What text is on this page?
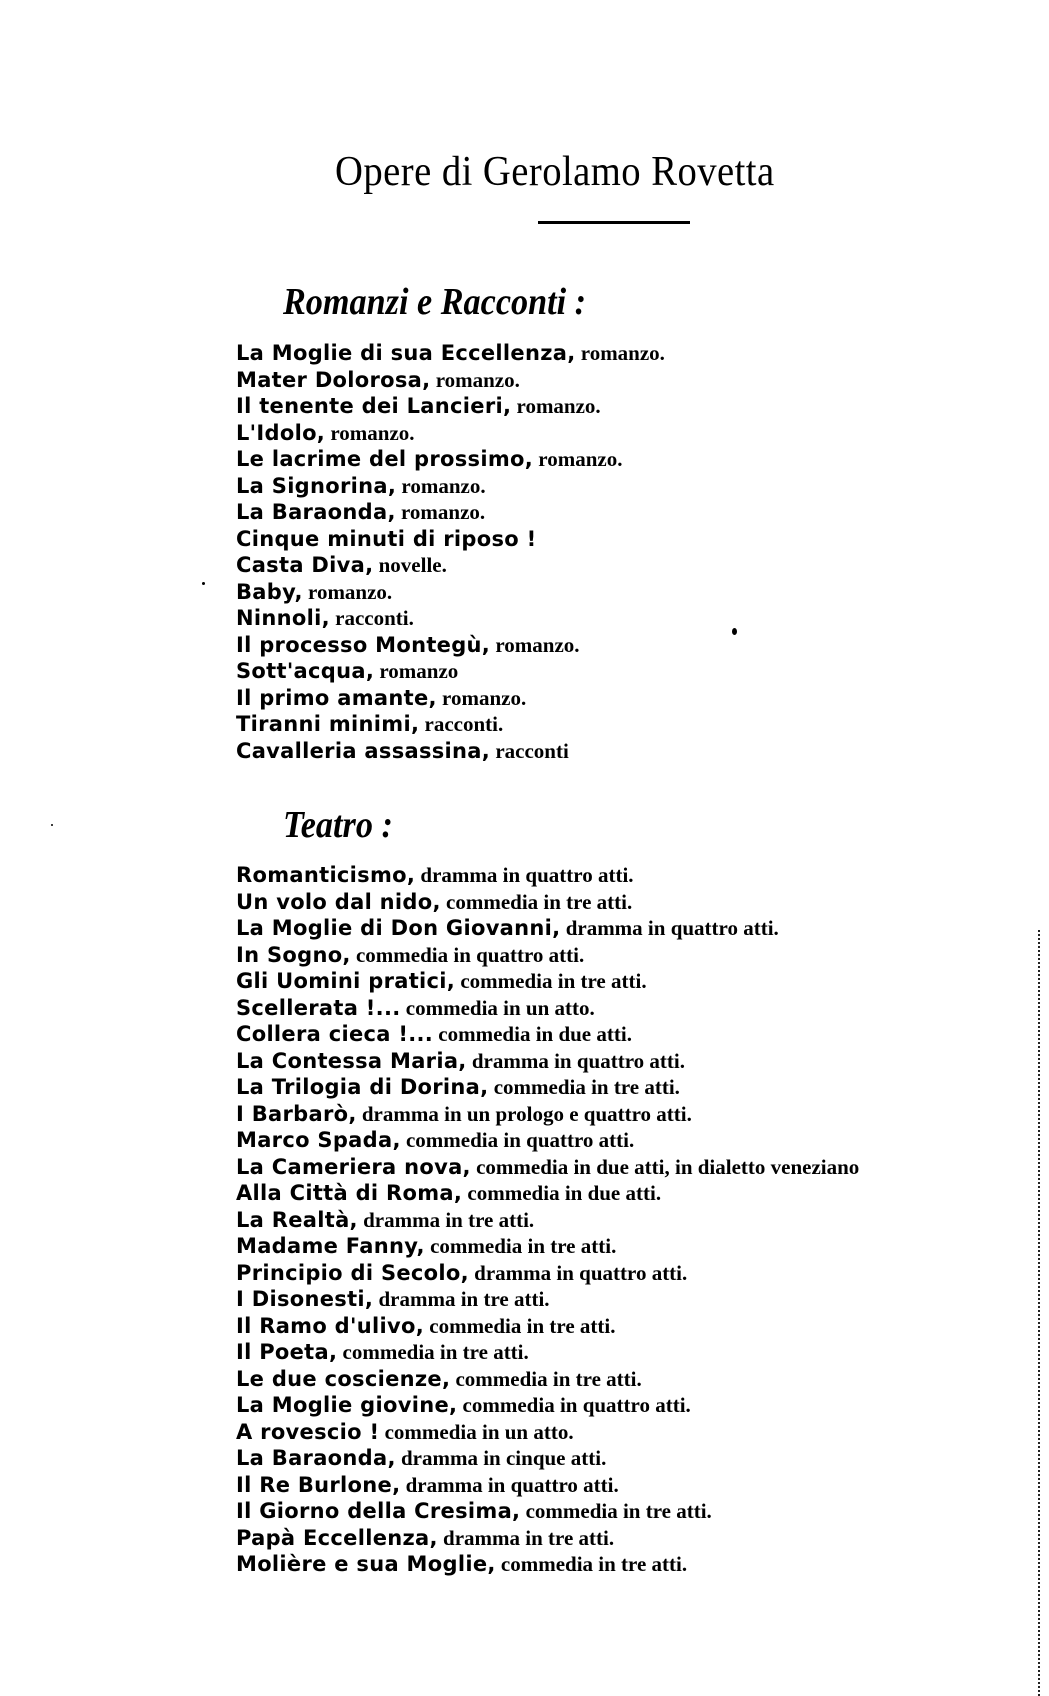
Opere di Gerolamo Rovetta
Romanzi e Racconti :
La Moglie di sua Eccellenza, romanzo.
Mater Dolorosa, romanzo.
Il tenente dei Lancieri, romanzo.
L'Idolo, romanzo.
Le lacrime del prossimo, romanzo.
La Signorina, romanzo.
La Baraonda, romanzo.
Cinque minuti di riposo !
Casta Diva, novelle.
Baby, romanzo.
Ninnoli, racconti.
Il processo Montegù, romanzo.
Sott'acqua, romanzo
Il primo amante, romanzo.
Tiranni minimi, racconti.
Cavalleria assassina, racconti
Teatro :
Romanticismo, dramma in quattro atti.
Un volo dal nido, commedia in tre atti.
La Moglie di Don Giovanni, dramma in quattro atti.
In Sogno, commedia in quattro atti.
Gli Uomini pratici, commedia in tre atti.
Scellerata !... commedia in un atto.
Collera cieca !... commedia in due atti.
La Contessa Maria, dramma in quattro atti.
La Trilogia di Dorina, commedia in tre atti.
I Barbarò, dramma in un prologo e quattro atti.
Marco Spada, commedia in quattro atti.
La Cameriera nova, commedia in due atti, in dialetto veneziano
Alla Città di Roma, commedia in due atti.
La Realtà, dramma in tre atti.
Madame Fanny, commedia in tre atti.
Principio di Secolo, dramma in quattro atti.
I Disonesti, dramma in tre atti.
Il Ramo d'ulivo, commedia in tre atti.
Il Poeta, commedia in tre atti.
Le due coscienze, commedia in tre atti.
La Moglie giovine, commedia in quattro atti.
A rovescio ! commedia in un atto.
La Baraonda, dramma in cinque atti.
Il Re Burlone, dramma in quattro atti.
Il Giorno della Cresima, commedia in tre atti.
Papà Eccellenza, dramma in tre atti.
Molière e sua Moglie, commedia in tre atti.
